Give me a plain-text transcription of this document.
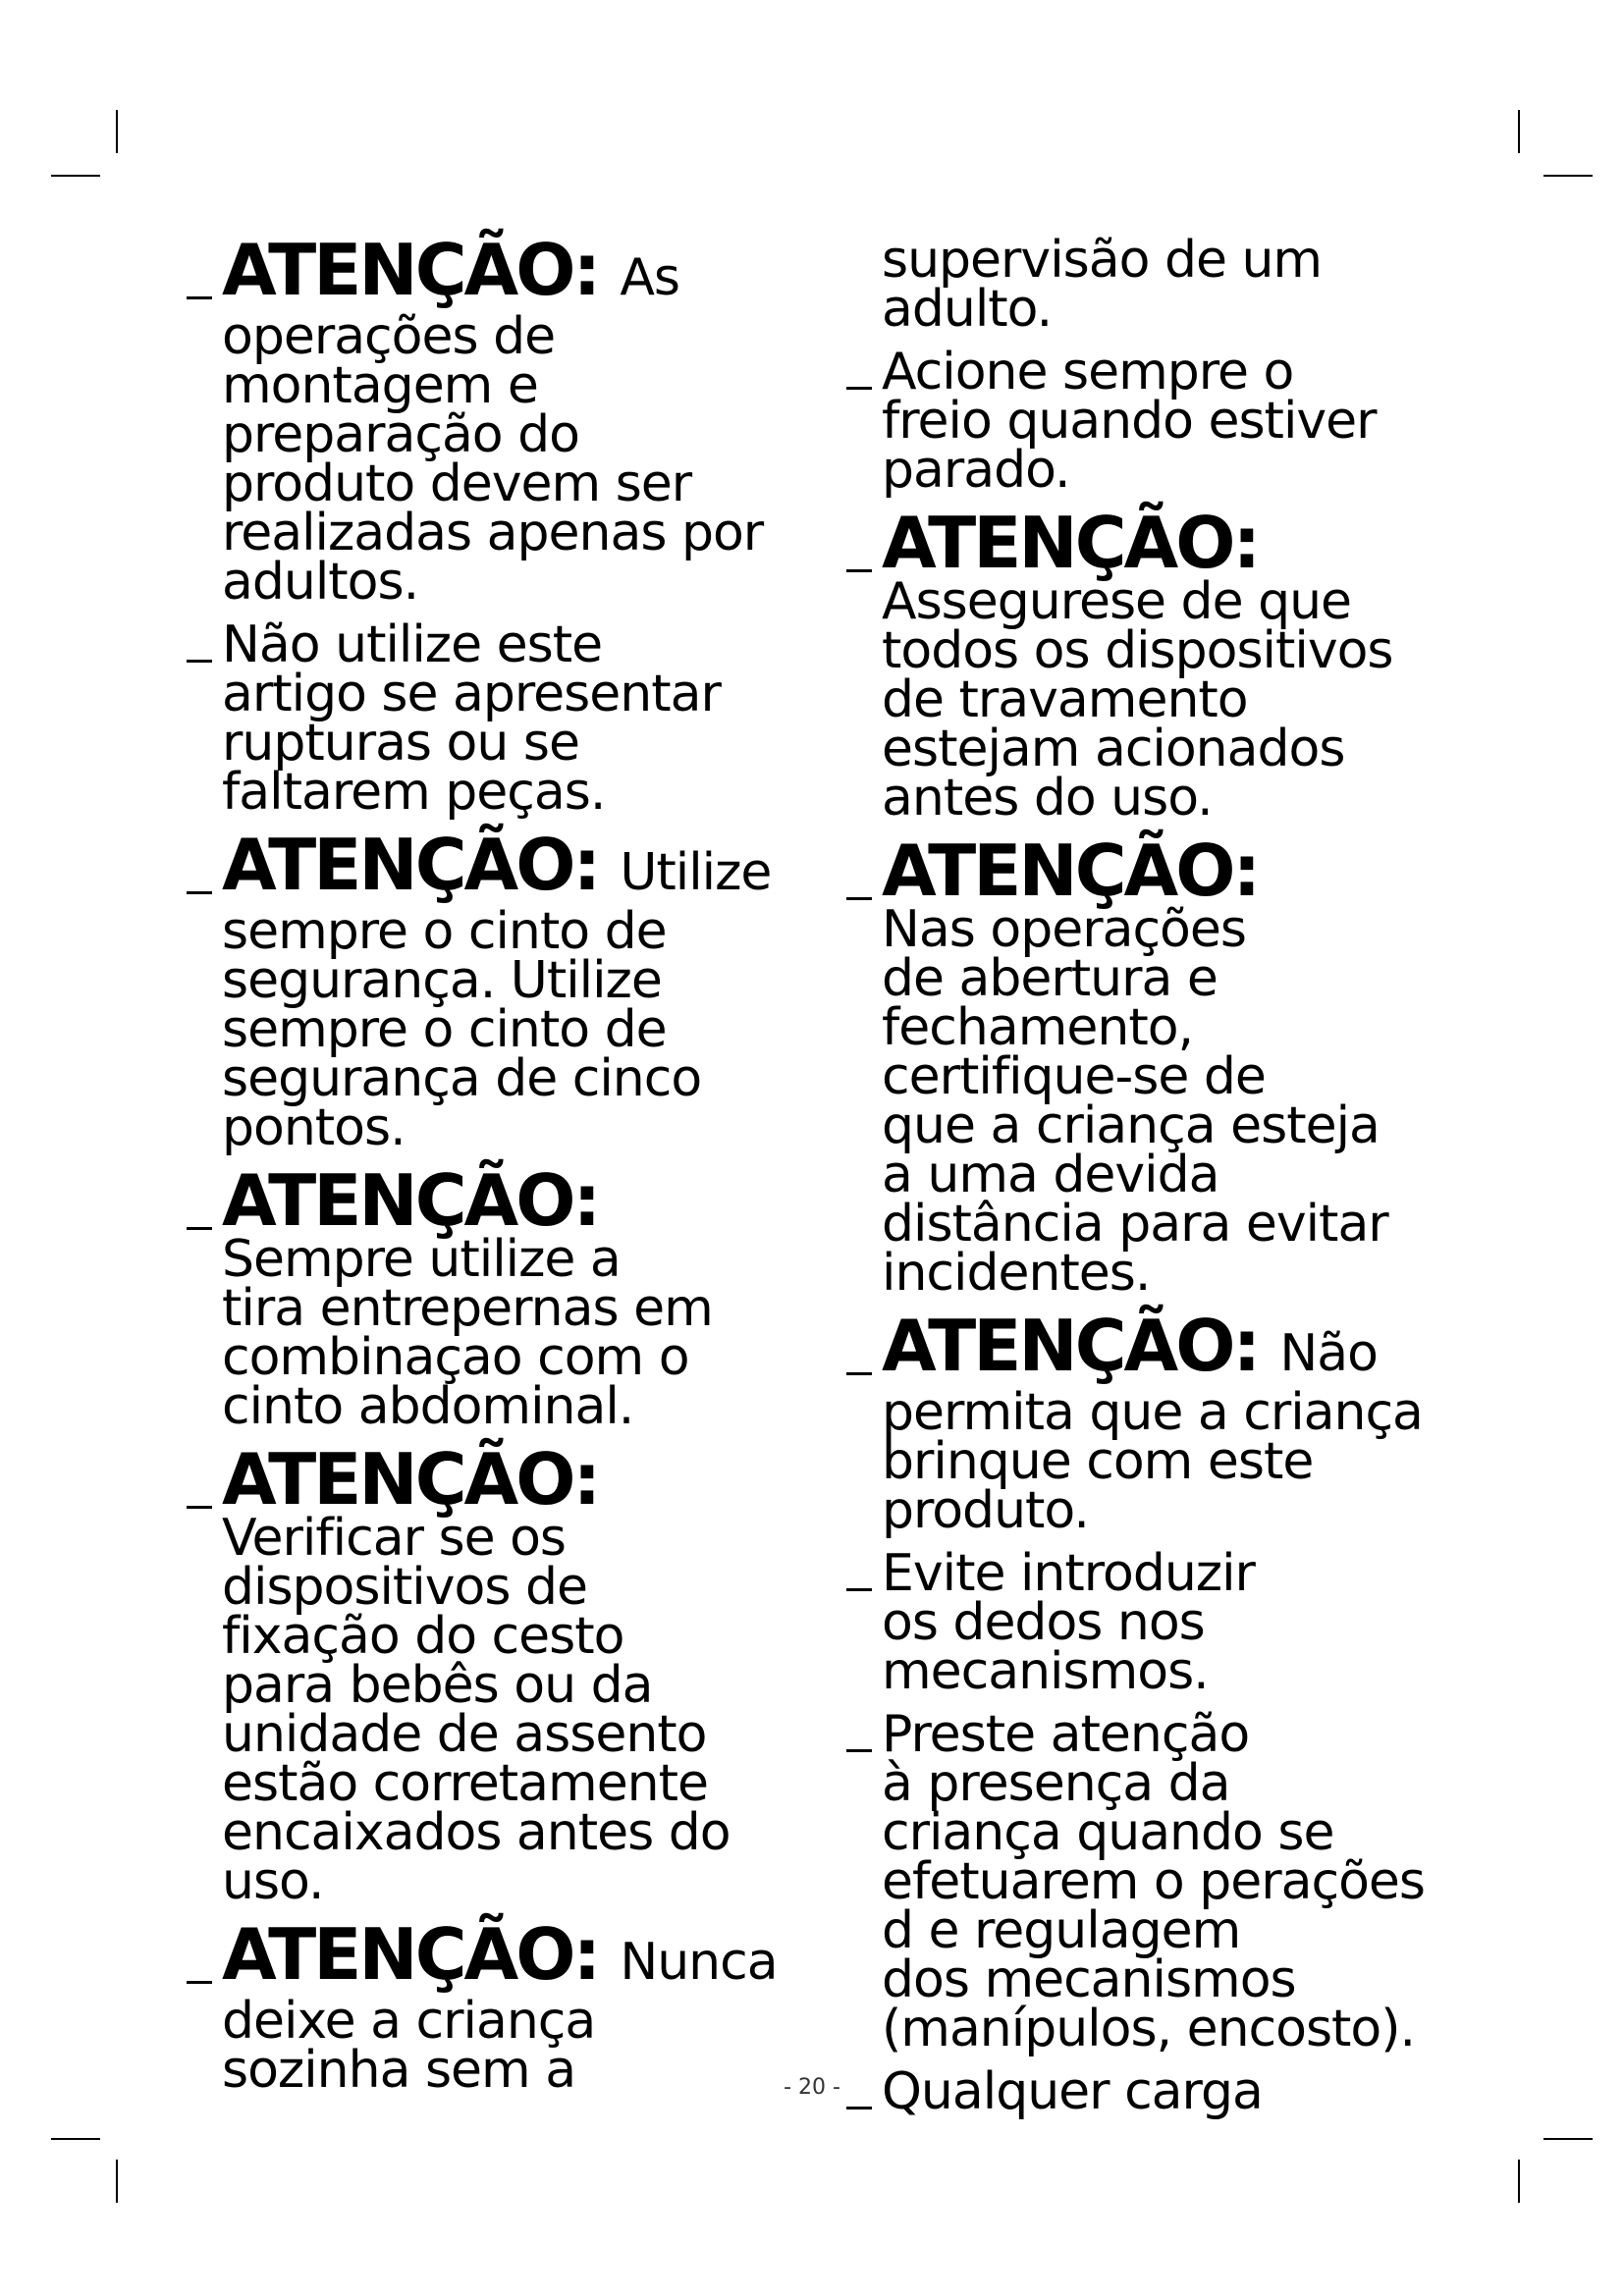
ATENÇÃO: As

operações de
montagem e
preparação do
produto devem ser
realizadas apenas por
adultos.

Não utilize este
artigo se apresentar
rupturas ou se
faltarem peças.

ATENÇÃO: Utilize

sempre o cinto de
segurança. Utilize
sempre o cinto de
segurança de cinco
pontos.

ATENÇÃO:

Sempre utilize a
tira entrepernas em
combinaçao com o
cinto abdominal.

ATENÇÃO:

Verificar se os
dispositivos de
fixação do cesto
para bebês ou da
unidade de assento
estão corretamente
encaixados antes do
uso.

ATENÇÃO: Nunca

deixe a criança
sozinha sem a

supervisão de um
adulto.

Acione sempre o
freio quando estiver
parado.

ATENÇÃO:

Assegurese de que
todos os dispositivos
de travamento
estejam acionados
antes do uso.

ATENÇÃO:

Nas operações
de abertura e
fechamento,
certifique-se de
que a criança esteja
a uma devida
distância para evitar
incidentes.

ATENÇÃO: Não

permita que a criança
brinque com este
produto.

Evite introduzir
os dedos nos
mecanismos.

Preste atenção
à presença da
criança quando se
efetuarem o perações
d e regulagem
dos mecanismos
(manípulos, encosto).

Qualquer carga

- 20 -
